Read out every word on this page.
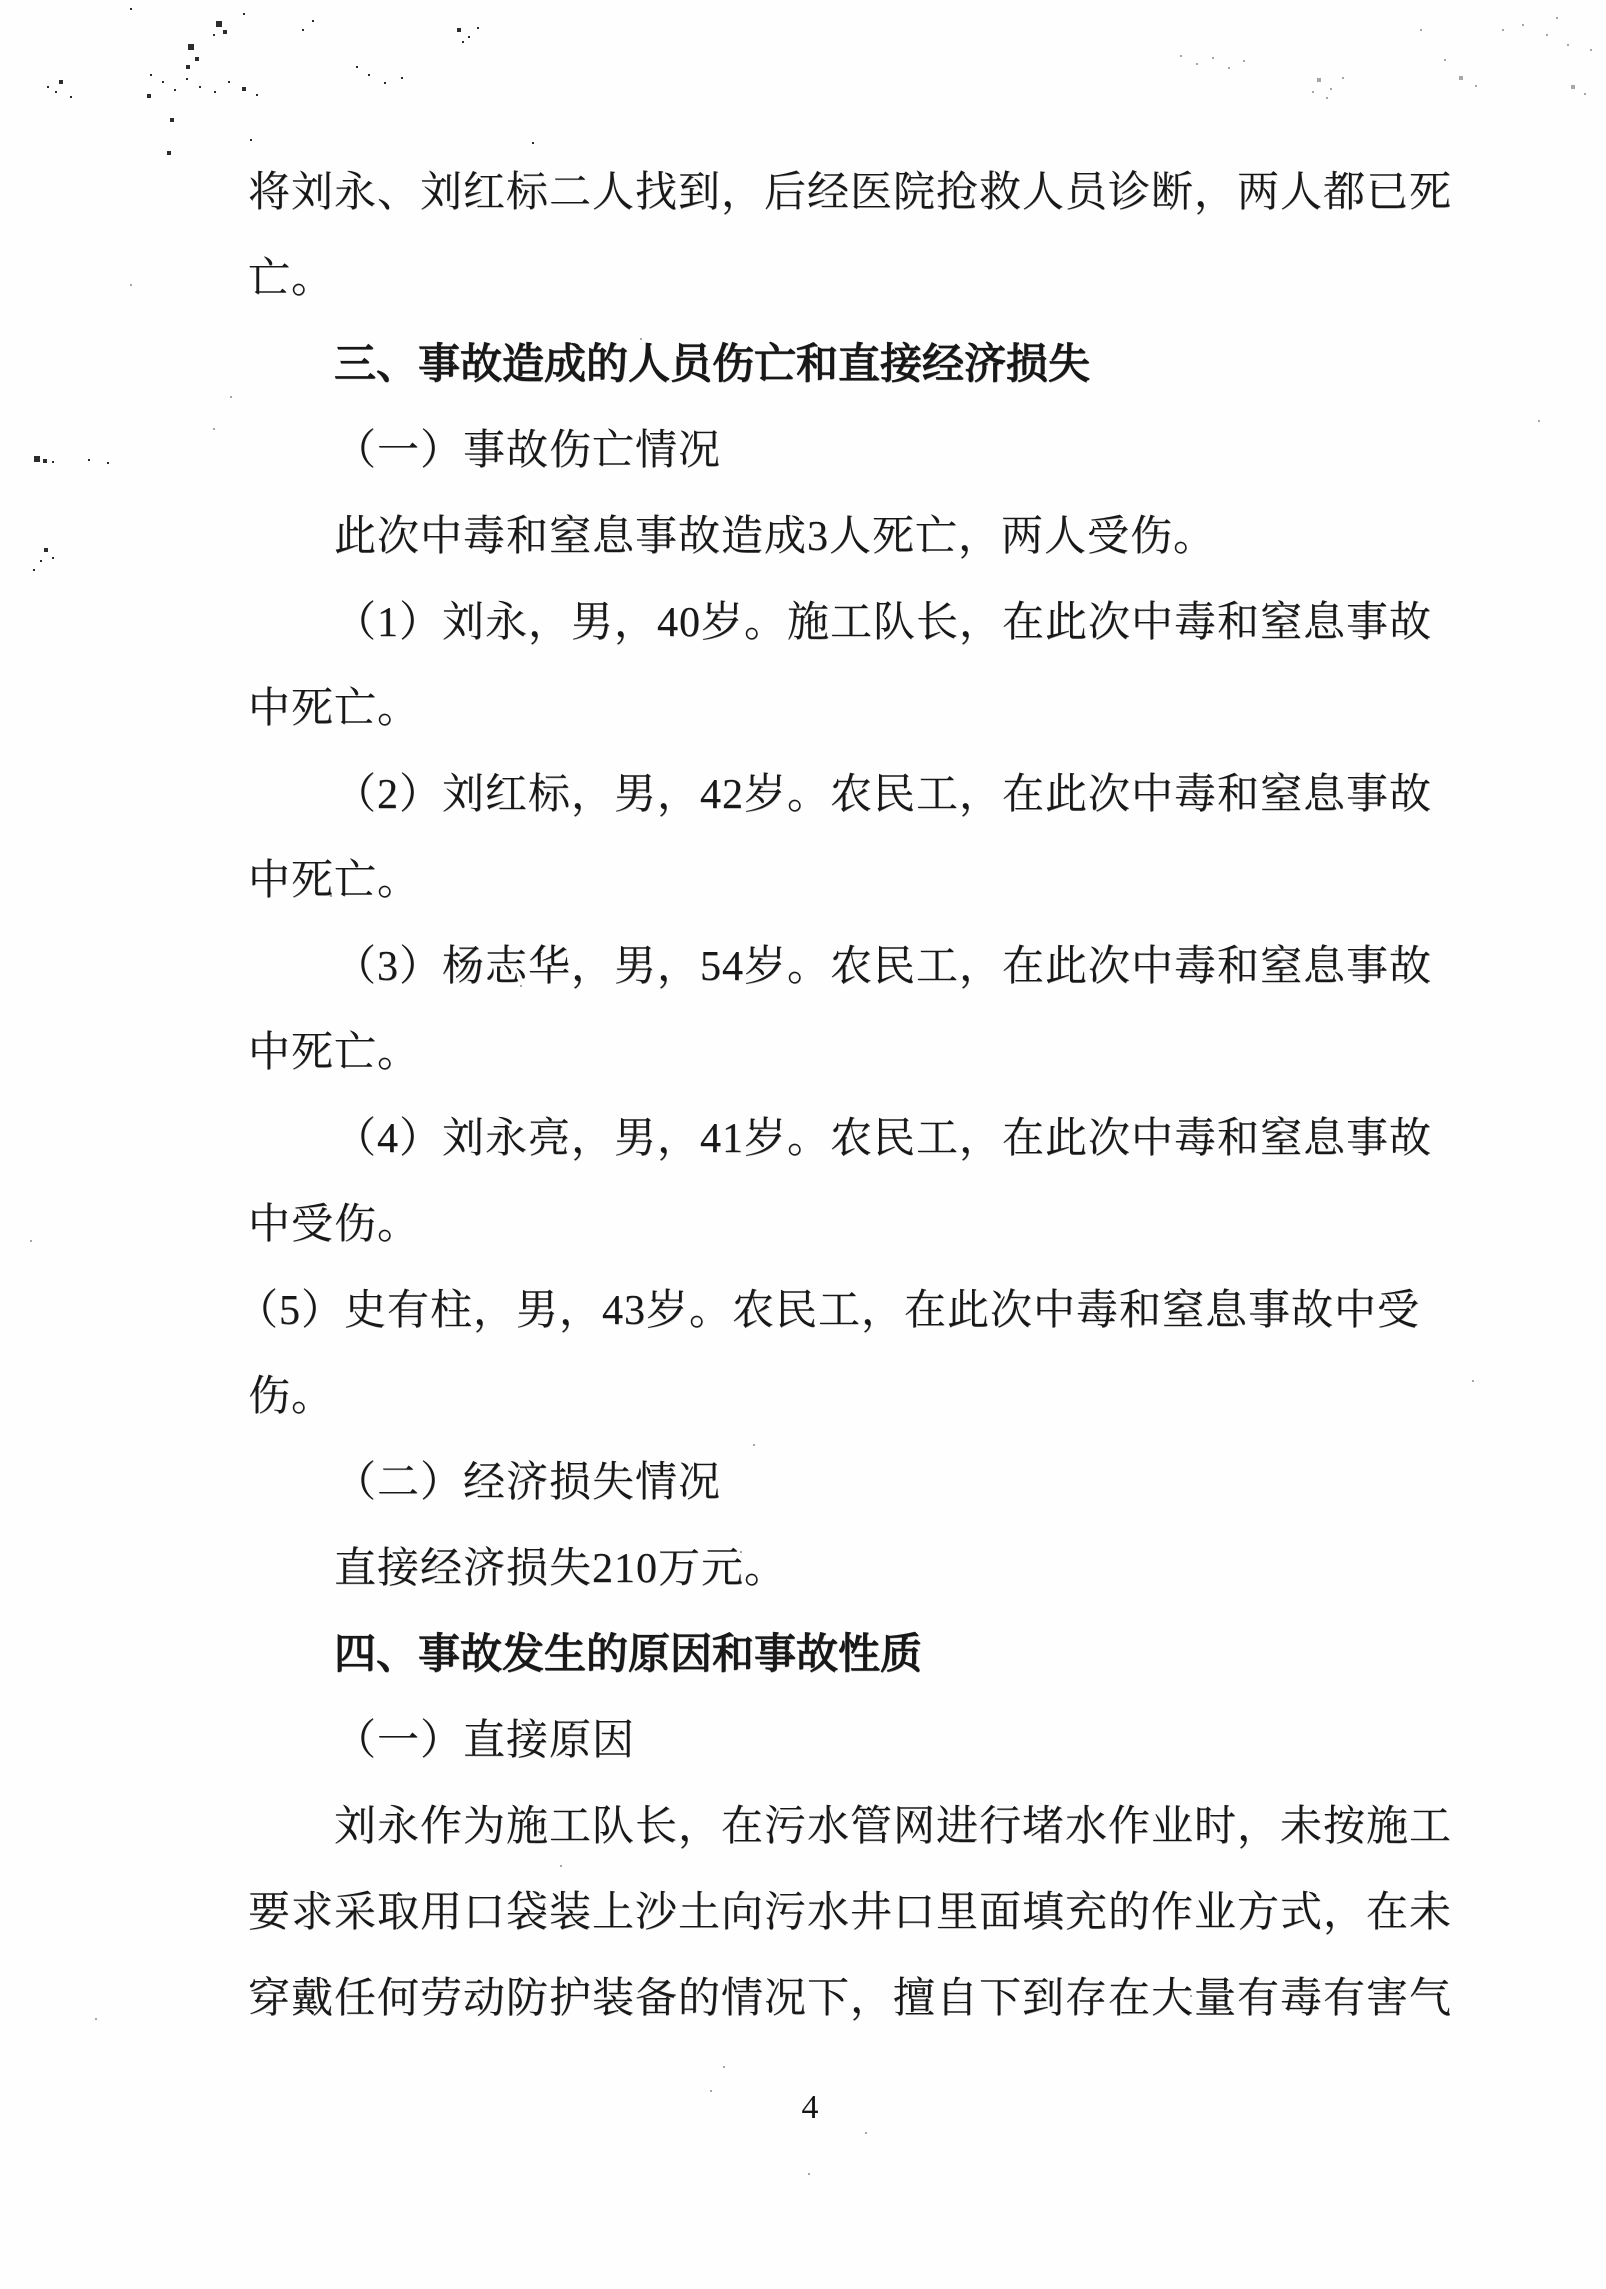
将刘永、刘红标二人找到，后经医院抢救人员诊断，两人都已死

亡。

三、事故造成的人员伤亡和直接经济损失

（一）事故伤亡情况

此次中毒和窒息事故造成3人死亡，两人受伤。

（1）刘永，男，40岁。施工队长，在此次中毒和窒息事故

中死亡。

（2）刘红标，男，42岁。农民工，在此次中毒和窒息事故

中死亡。

（3）杨志华，男，54岁。农民工，在此次中毒和窒息事故

中死亡。

（4）刘永亮，男，41岁。农民工，在此次中毒和窒息事故

中受伤。

（5）史有柱，男，43岁。农民工，在此次中毒和窒息事故中受

伤。

（二）经济损失情况

直接经济损失210万元。

四、事故发生的原因和事故性质

（一）直接原因

刘永作为施工队长，在污水管网进行堵水作业时，未按施工

要求采取用口袋装上沙土向污水井口里面填充的作业方式，在未

穿戴任何劳动防护装备的情况下，擅自下到存在大量有毒有害气

4
